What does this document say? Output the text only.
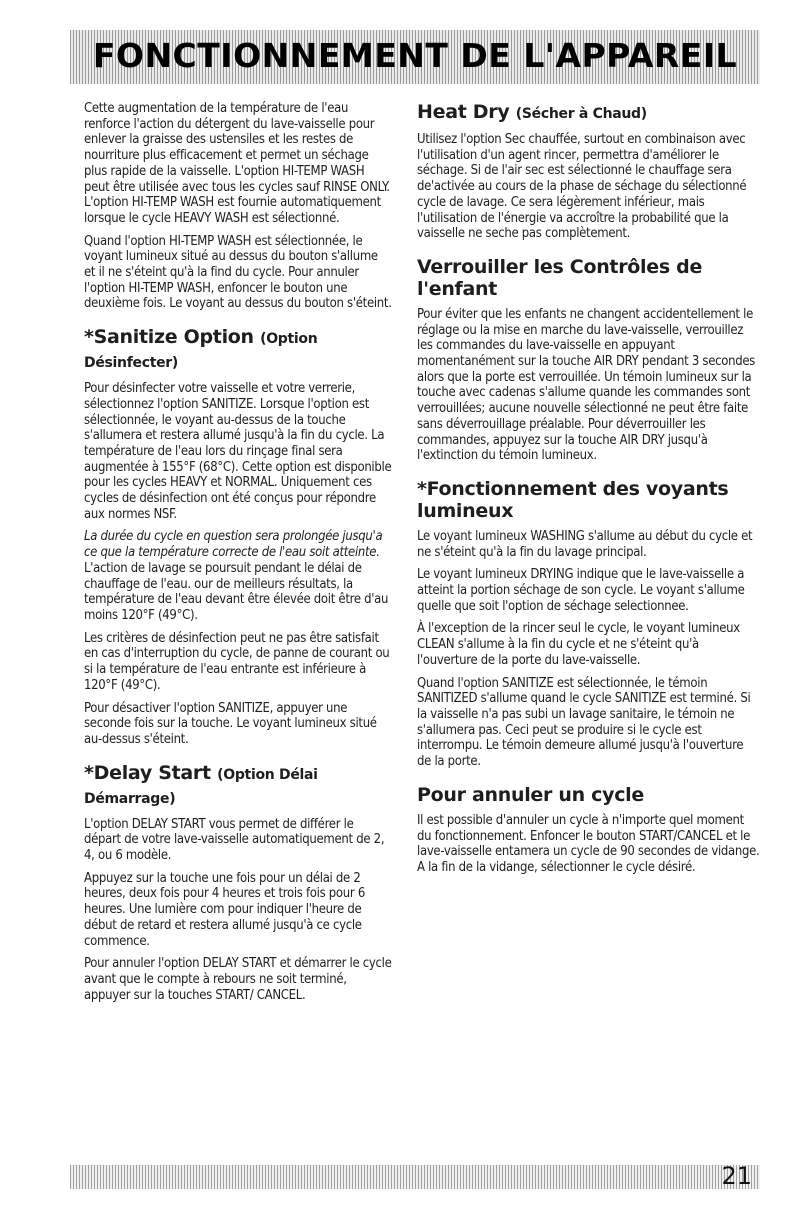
FONCTIONNEMENT DE L'APPAREIL

Cette augmentation de la température de l'eau renforce l'action du détergent du lave-vaisselle pour enlever la graisse des ustensiles et les restes de nourriture plus efficacement et permet un séchage plus rapide de la vaisselle. L'option HI-TEMP WASH peut être utilisée avec tous les cycles sauf RINSE ONLY. L'option HI-TEMP WASH est fournie automatiquement lorsque le cycle HEAVY WASH est sélectionné.

Quand l'option HI-TEMP WASH est sélectionnée, le voyant lumineux situé au dessus du bouton s'allume et il ne s'éteint qu'à la find du cycle. Pour annuler l'option HI-TEMP WASH, enfoncer le bouton une deuxième fois. Le voyant au dessus du bouton s'éteint.

*Sanitize Option (Option Désinfecter)

Pour désinfecter votre vaisselle et votre verrerie, sélectionnez l'option SANITIZE. Lorsque l'option est sélectionnée, le voyant au-dessus de la touche s'allumera et restera allumé jusqu'à la fin du cycle. La température de l'eau lors du rinçage final sera augmentée à 155°F (68°C). Cette option est disponible pour les cycles HEAVY et NORMAL. Uniquement ces cycles de désinfection ont été conçus pour répondre aux normes NSF.

La durée du cycle en question sera prolongée jusqu'a ce que la température correcte de l'eau soit atteinte. L'action de lavage se poursuit pendant le délai de chauffage de l'eau. our de meilleurs résultats, la température de l'eau devant être élevée doit être d'au moins 120°F (49°C).

Les critères de désinfection peut ne pas être satisfait en cas d'interruption du cycle, de panne de courant ou si la température de l'eau entrante est inférieure à 120°F (49°C).

Pour désactiver l'option SANITIZE, appuyer une seconde fois sur la touche. Le voyant lumineux situé au-dessus s'éteint.

*Delay Start (Option Délai Démarrage)

L'option DELAY START vous permet de différer le départ de votre lave-vaisselle automatiquement de 2, 4, ou 6 modèle.

Appuyez sur la touche une fois pour un délai de 2 heures, deux fois pour 4 heures et trois fois pour 6 heures. Une lumière com pour indiquer l'heure de début de retard et restera allumé jusqu'à ce cycle commence.

Pour annuler l'option DELAY START et démarrer le cycle avant que le compte à rebours ne soit terminé, appuyer sur la touches START/ CANCEL.

Heat Dry (Sécher à Chaud)

Utilisez l'option Sec chauffée, surtout en combinaison avec l'utilisation d'un agent rincer, permettra d'améliorer le séchage. Si de l'air sec est sélectionné le chauffage sera de'activée au cours de la phase de séchage du sélectionné cycle de lavage. Ce sera légèrement inférieur, mais l'utilisation de l'énergie va accroître la probabilité que la vaisselle ne seche pas complètement.

Verrouiller les Contrôles de l'enfant

Pour éviter que les enfants ne changent accidentellement le réglage ou la mise en marche du lave-vaisselle, verrouillez les commandes du lave-vaisselle en appuyant momentanément sur la touche AIR DRY pendant 3 secondes alors que la porte est verrouillée. Un témoin lumineux sur la touche avec cadenas s'allume quande les commandes sont verrouillées; aucune nouvelle sélectionné ne peut être faite sans déverrouillage préalable. Pour déverrouiller les commandes, appuyez sur la touche AIR DRY jusqu'à l'extinction du témoin lumineux.

*Fonctionnement des voyants lumineux

Le voyant lumineux WASHING s'allume au début du cycle et ne s'éteint qu'à la fin du lavage principal.

Le voyant lumineux DRYING indique que le lave-vaisselle a atteint la portion séchage de son cycle. Le voyant s'allume quelle que soit l'option de séchage selectionnee.

À l'exception de la rincer seul le cycle, le voyant lumineux CLEAN s'allume à la fin du cycle et ne s'éteint qu'à l'ouverture de la porte du lave-vaisselle.

Quand l'option SANITIZE est sélectionnée, le témoin SANITIZED s'allume quand le cycle SANITIZE est terminé. Si la vaisselle n'a pas subi un lavage sanitaire, le témoin ne s'allumera pas. Ceci peut se produire si le cycle est interrompu. Le témoin demeure allumé jusqu'à l'ouverture de la porte.

Pour annuler un cycle

Il est possible d'annuler un cycle à n'importe quel moment du fonctionnement. Enfoncer le bouton START/CANCEL et le lave-vaisselle entamera un cycle de 90 secondes de vidange. A la fin de la vidange, sélectionner le cycle désiré.

21
